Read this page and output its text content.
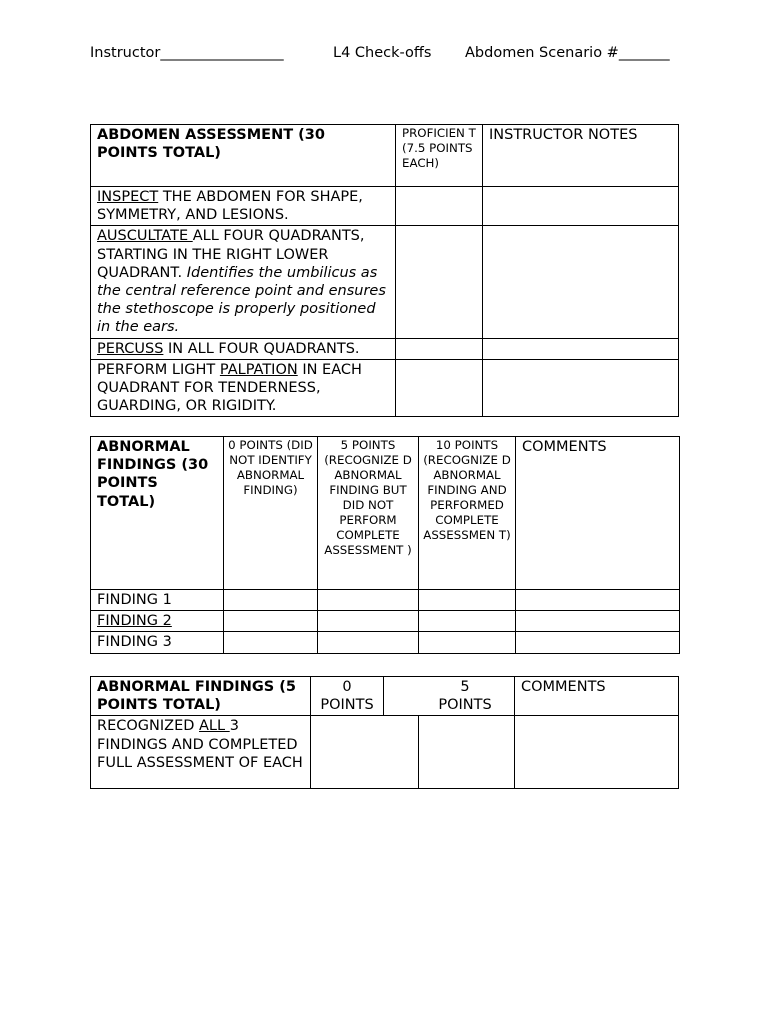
Instructor_________________	L4 Check-offs Abdomen Scenario #_______
ABDOMEN ASSESSMENT (30 POINTS TOTAL)	PROFICIEN T (7.5 POINTS EACH)	INSTRUCTOR NOTES
INSPECT THE ABDOMEN FOR SHAPE, SYMMETRY, AND LESIONS.		
AUSCULTATE ALL FOUR QUADRANTS, STARTING IN THE RIGHT LOWER QUADRANT. Identifies the umbilicus as the central reference point and ensures the stethoscope is properly positioned in the ears.		
PERCUSS IN ALL FOUR QUADRANTS.		
PERFORM LIGHT PALPATION IN EACH QUADRANT FOR TENDERNESS, GUARDING, OR RIGIDITY.		
ABNORMAL FINDINGS (30 POINTS TOTAL)	0 POINTS (DID NOT IDENTIFY ABNORMAL FINDING)	5 POINTS (RECOGNIZE D ABNORMAL FINDING BUT DID NOT PERFORM COMPLETE ASSESSMENT )	10 POINTS (RECOGNIZE D ABNORMAL FINDING AND PERFORMED COMPLETE ASSESSMEN T)	COMMENTS
FINDING 1				
FINDING 2				
FINDING 3				
ABNORMAL FINDINGS (5 POINTS TOTAL)	0 POINTS	5 POINTS		COMMENTS
RECOGNIZED ALL 3 FINDINGS AND COMPLETED FULL ASSESSMENT OF EACH				
